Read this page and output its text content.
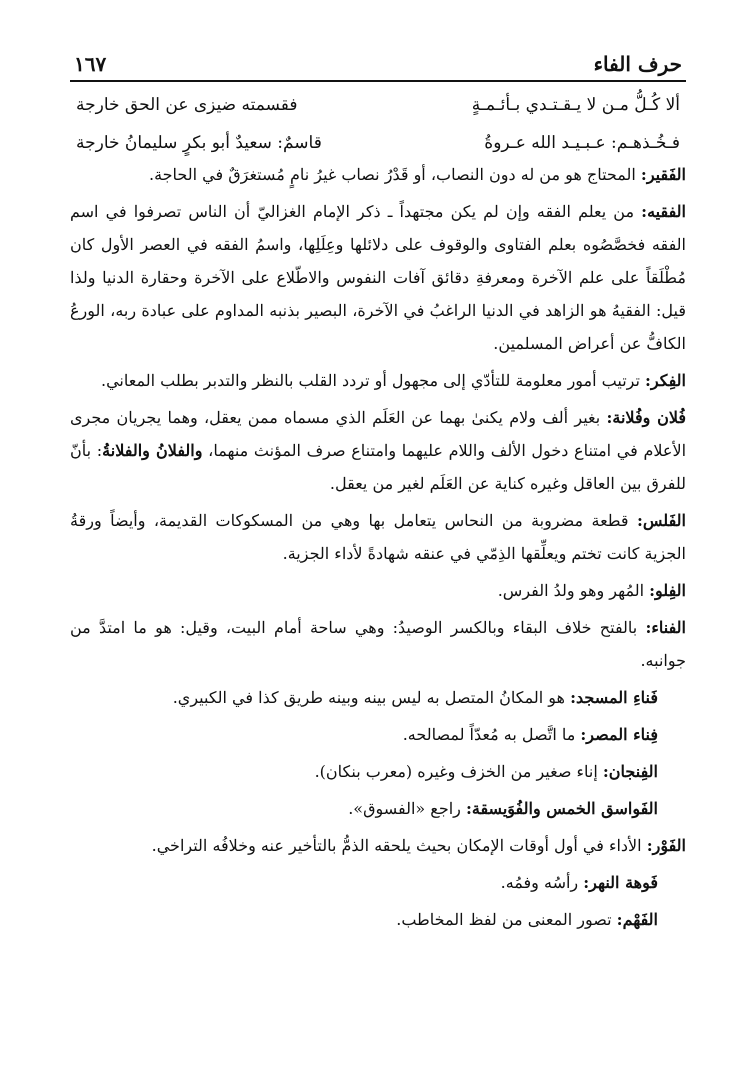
حرف الفاء
١٦٧
ألا كُـلُّ مـن لا يـقـتـدي بـأئـمـةٍ
فقسمته ضيزى عن الحق خارجة
فـخُـذهـم: عـبـيـد الله عـروةُ
قاسمٌ: سعيدٌ أبو بكرٍ سليمانُ خارجة

الفَقير: المحتاج هو من له دون النصاب، أو قَدْرُ نصاب غيرُ نامٍ مُستغرَقٌ في الحاجة.

الفقيه: من يعلم الفقه وإن لم يكن مجتهداً ـ ذكر الإمام الغزاليّ أن الناس تصرفوا في اسم الفقه فخصَّصُوه بعلم الفتاوى والوقوف على دلائلها وعِلَلِها، واسمُ الفقه في العصر الأول كان مُطْلَقاً على علم الآخرة ومعرفةِ دقائق آفات النفوس والاطّلاع على الآخرة وحقارة الدنيا ولذا قيل: الفقيهُ هو الزاهد في الدنيا الراغبُ في الآخرة، البصير بذنبه المداوم على عبادة ربه، الورعُ الكافُّ عن أعراض المسلمين.

الفِكر: ترتيب أمور معلومة للتأدّي إلى مجهول أو تردد القلب بالنظر والتدبر بطلب المعاني.

فُلان وفُلانة: بغير ألف ولام يكنىٰ بهما عن العَلَم الذي مسماه ممن يعقل، وهما يجريان مجرى الأعلام في امتناع دخول الألف واللام عليهما وامتناع صرف المؤنث منهما، والفلانُ والفلانةُ: بأنّ للفرق بين العاقل وغيره كناية عن العَلَم لغير من يعقل.

الفَلس: قطعة مضروبة من النحاس يتعامل بها وهي من المسكوكات القديمة، وأيضاً ورقةُ الجزية كانت تختم ويعلِّقها الذِمّي في عنقه شهادةً لأداء الجزية.

الفِلو: المُهر وهو ولدُ الفرس.

الفناء: بالفتح خلاف البقاء وبالكسر الوصيدُ: وهي ساحة أمام البيت، وقيل: هو ما امتدَّ من جوانبه.

فَناءِ المسجد: هو المكانُ المتصل به ليس بينه وبينه طريق كذا في الكبيري.

فِناء المصر: ما اتَّصل به مُعدّاً لمصالحه.

الفِنجان: إناء صغير من الخزف وغيره (معرب بنكان).

الفَواسق الخمس والفُوَيسقة: راجع «الفسوق».

الفَوْر: الأداء في أول أوقات الإمكان بحيث يلحقه الذمُّ بالتأخير عنه وخلافُه التراخي.

فَوهة النهر: رأسُه وفمُه.

الفَهْم: تصور المعنى من لفظ المخاطب.
